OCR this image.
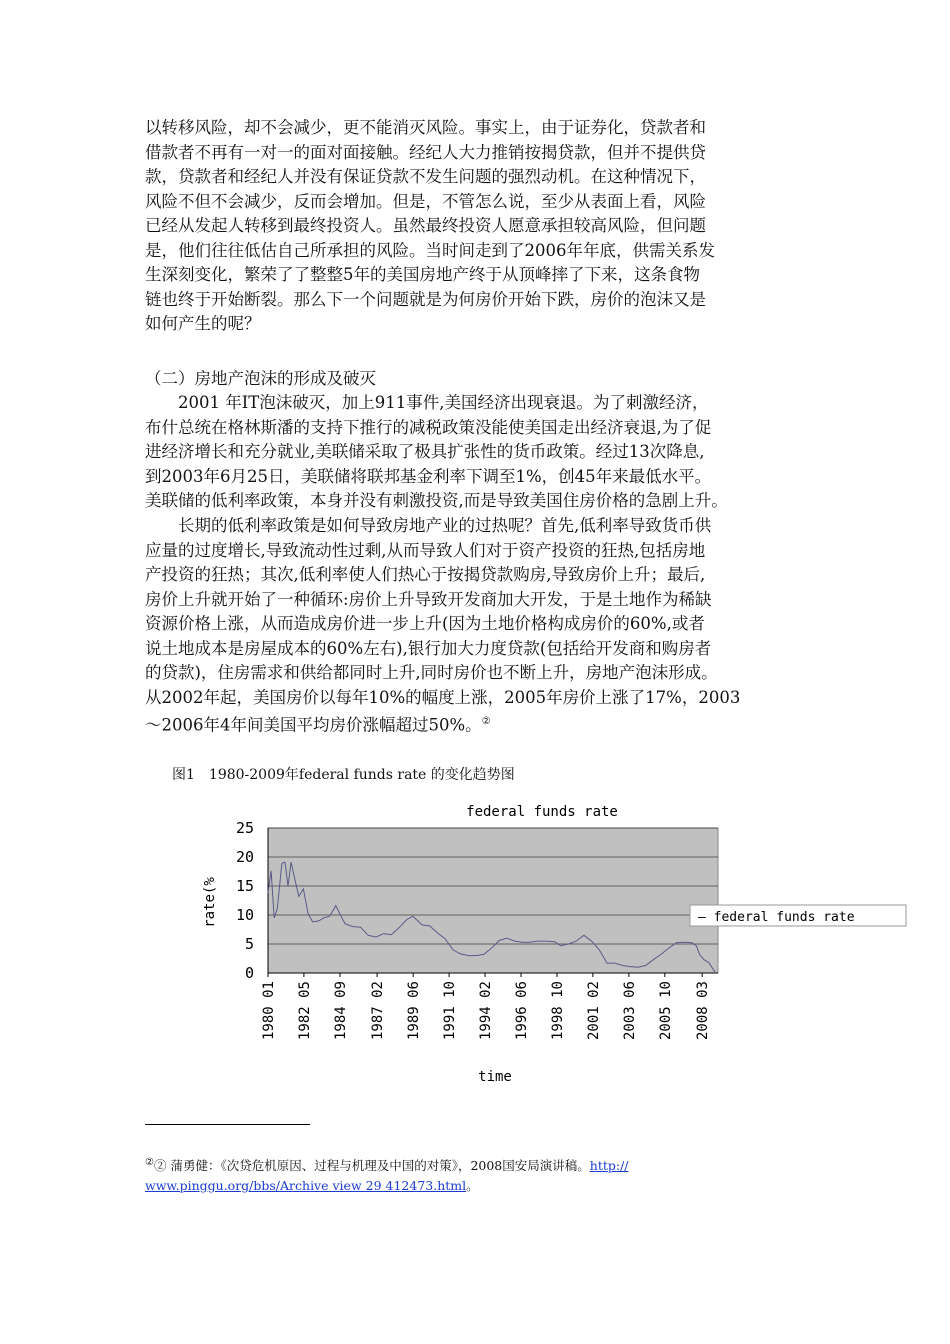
以转移风险，却不会减少，更不能消灭风险。事实上，由于证券化，贷款者和
借款者不再有一对一的面对面接触。经纪人大力推销按揭贷款，但并不提供贷
款，贷款者和经纪人并没有保证贷款不发生问题的强烈动机。在这种情况下，
风险不但不会减少，反而会增加。但是，不管怎么说，至少从表面上看，风险
已经从发起人转移到最终投资人。虽然最终投资人愿意承担较高风险，但问题
是，他们往往低估自己所承担的风险。当时间走到了2006年年底，供需关系发
生深刻变化，繁荣了了整整5年的美国房地产终于从顶峰摔了下来，这条食物
链也终于开始断裂。那么下一个问题就是为何房价开始下跌，房价的泡沫又是
如何产生的呢？
（二）房地产泡沫的形成及破灭
　　2001 年IT泡沫破灭，加上911事件,美国经济出现衰退。为了刺激经济，
布什总统在格林斯潘的支持下推行的减税政策没能使美国走出经济衰退,为了促
进经济增长和充分就业,美联储采取了极具扩张性的货币政策。经过13次降息,
到2003年6月25日，美联储将联邦基金利率下调至1%，创45年来最低水平。
美联储的低利率政策，本身并没有刺激投资,而是导致美国住房价格的急剧上升。
　　长期的低利率政策是如何导致房地产业的过热呢？首先,低利率导致货币供
应量的过度增长,导致流动性过剩,从而导致人们对于资产投资的狂热,包括房地
产投资的狂热；其次,低利率使人们热心于按揭贷款购房,导致房价上升；最后,
房价上升就开始了一种循环:房价上升导致开发商加大开发，于是土地作为稀缺
资源价格上涨，从而造成房价进一步上升(因为土地价格构成房价的60%,或者
说土地成本是房屋成本的60%左右),银行加大力度贷款(包括给开发商和购房者
的贷款)，住房需求和供给都同时上升,同时房价也不断上升，房地产泡沫形成。
从2002年起，美国房价以每年10%的幅度上涨，2005年房价上涨了17%，2003
～2006年4年间美国平均房价涨幅超过50%。②
图1　1980-2009年federal funds rate 的变化趋势图
0
5
10
15
20
25
federal funds rate
rate(%
1980 01 1982 05 1984 09 1987 02 1989 06 1991 10 1994 02 1996 06 1998 10 2001 02 2003 06 2005 10 2008 03
time
— federal funds rate
②② 蒲勇健：《次贷危机原因、过程与机理及中国的对策》，2008国安局演讲稿。http://
www.pinggu.org/bbs/Archive view 29 412473.html。
